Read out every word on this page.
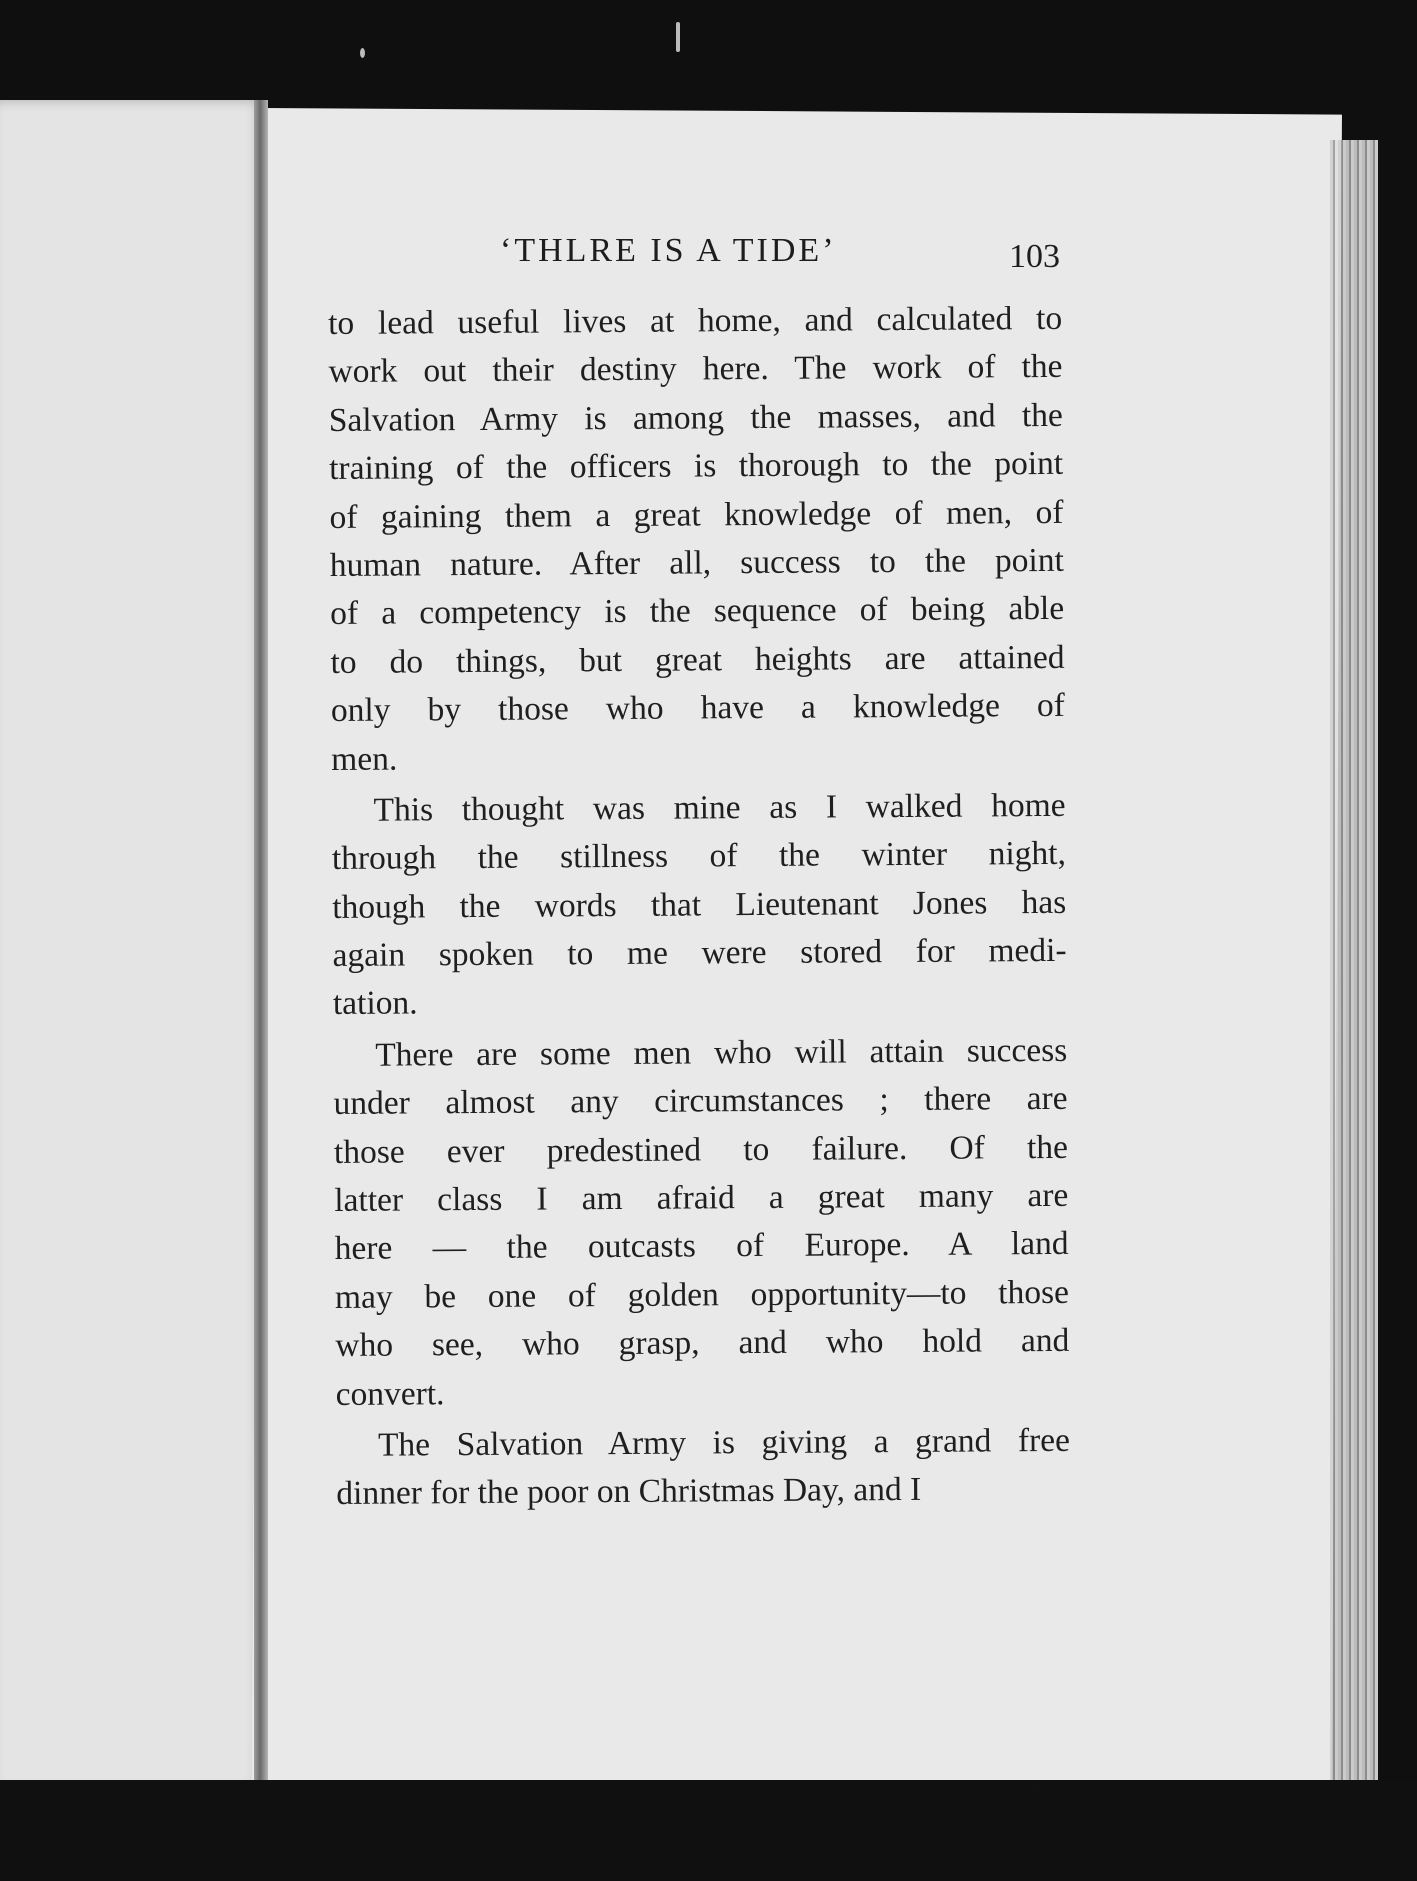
‘THLRE IS A TIDE’	103
to lead useful lives at home, and calculated to
work out their destiny here. The work of the
Salvation Army is among the masses, and the
training of the officers is thorough to the point
of gaining them a great knowledge of men, of
human nature. After all, success to the point
of a competency is the sequence of being able
to do things, but great heights are attained
only by those who have a knowledge of
men.
This thought was mine as I walked home
through the stillness of the winter night,
though the words that Lieutenant Jones has
again spoken to me were stored for medi-
tation.
There are some men who will attain success
under almost any circumstances ; there are
those ever predestined to failure. Of the
latter class I am afraid a great many are
here — the outcasts of Europe. A land
may be one of golden opportunity—to those
who see, who grasp, and who hold and
convert.
The Salvation Army is giving a grand free
dinner for the poor on Christmas Day, and I
